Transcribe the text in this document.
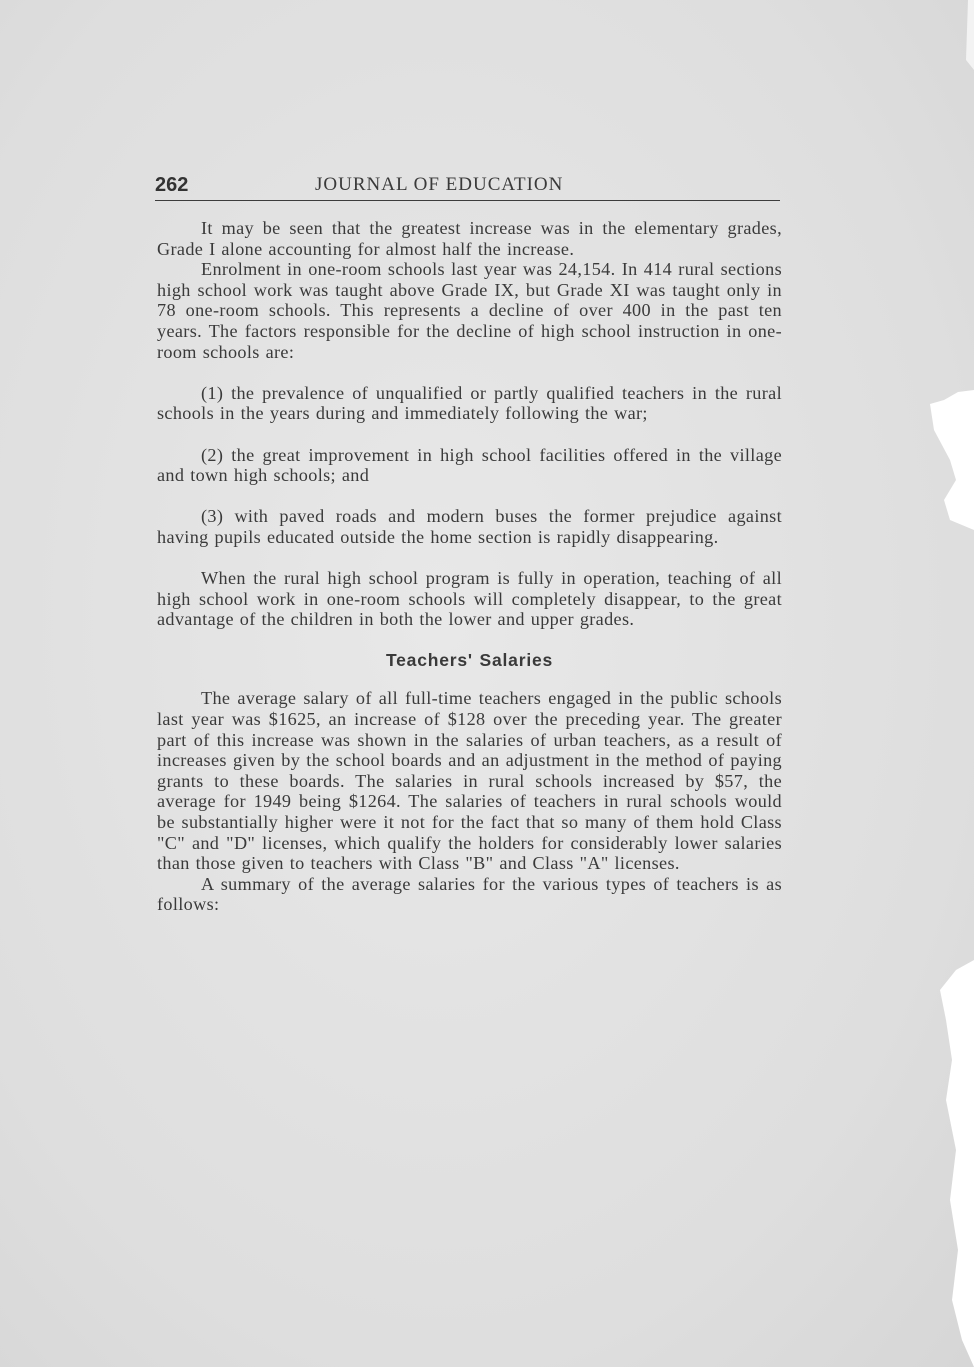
262	JOURNAL OF EDUCATION

It may be seen that the greatest increase was in the elementary grades, Grade I alone accounting for almost half the increase.

Enrolment in one-room schools last year was 24,154. In 414 rural sections high school work was taught above Grade IX, but Grade XI was taught only in 78 one-room schools. This represents a decline of over 400 in the past ten years. The factors responsible for the decline of high school instruction in one-room schools are:

(1) the prevalence of unqualified or partly qualified teachers in the rural schools in the years during and immediately following the war;

(2) the great improvement in high school facilities offered in the village and town high schools; and

(3) with paved roads and modern buses the former prejudice against having pupils educated outside the home section is rapidly disappearing.

When the rural high school program is fully in operation, teaching of all high school work in one-room schools will completely disappear, to the great advantage of the children in both the lower and upper grades.

Teachers' Salaries

The average salary of all full-time teachers engaged in the public schools last year was $1625, an increase of $128 over the preceding year. The greater part of this increase was shown in the salaries of urban teachers, as a result of increases given by the school boards and an adjustment in the method of paying grants to these boards. The salaries in rural schools increased by $57, the average for 1949 being $1264. The salaries of teachers in rural schools would be substantially higher were it not for the fact that so many of them hold Class "C" and "D" licenses, which qualify the holders for considerably lower salaries than those given to teachers with Class "B" and Class "A" licenses.

A summary of the average salaries for the various types of teachers is as follows:
